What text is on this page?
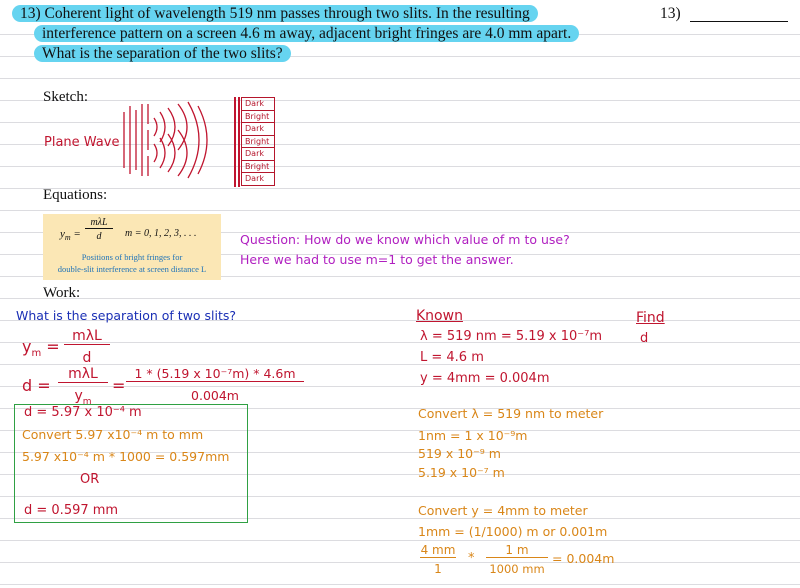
13) Coherent light of wavelength 519 nm passes through two slits. In the resulting
interference pattern on a screen 4.6 m away, adjacent bright fringes are 4.0 mm apart.
What is the separation of the two slits?
13)
Sketch:
Equations:
Work:
Plane Wave
Dark
Bright
Dark
Bright
Dark
Bright
Dark
$y_m$ =
mλL
d	m = 0, 1, 2, 3, . . .
Positions of bright fringes for
double-slit interference at screen distance L
Question: How do we know which value of m to use?
Here we had to use m=1 to get the answer.
What is the separation of two slits?
$y_m$ =
mλL
d
d =
mλL
$y_m$
=
1 * (5.19 x 10⁻⁷m) * 4.6m
0.004m
d = 5.97 x 10⁻⁴ m
Convert 5.97 x10⁻⁴ m to mm
5.97 x10⁻⁴ m * 1000 = 0.597mm
OR
d = 0.597 mm
Known
λ = 519 nm = 5.19 x 10⁻⁷m
L = 4.6 m
y = 4mm = 0.004m
Find
d
Convert λ = 519 nm to meter
1nm = 1 x 10⁻⁹m
519 x 10⁻⁹ m
5.19 x 10⁻⁷ m
Convert y = 4mm to meter
1mm = (1/1000) m or 0.001m
4 mm
1
*
1 m
1000 mm
= 0.004m
